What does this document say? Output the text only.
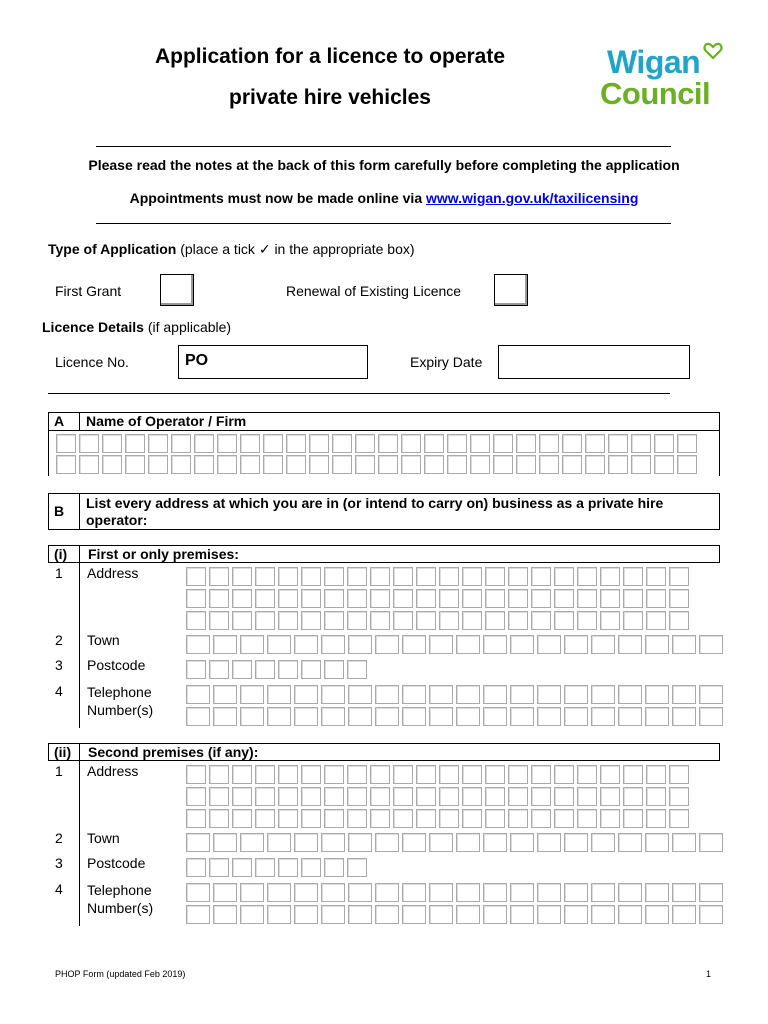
Application for a licence to operate
private hire vehicles
Wigan
Council
Please read the notes at the back of this form carefully before completing the application
Appointments must now be made online via www.wigan.gov.uk/taxilicensing
Type of Application (place a tick ✓ in the appropriate box)
First Grant	Renewal of Existing Licence
Licence Details (if applicable)
Licence No.	PO	Expiry Date
A Name of Operator / Firm
B List every address at which you are in (or intend to carry on) business as a private hire operator:
(i) First or only premises:
1 Address
2 Town
3 Postcode
4 Telephone Number(s)
(ii) Second premises (if any):
1 Address
2 Town
3 Postcode
4 Telephone Number(s)
PHOP Form (updated Feb 2019)	1
